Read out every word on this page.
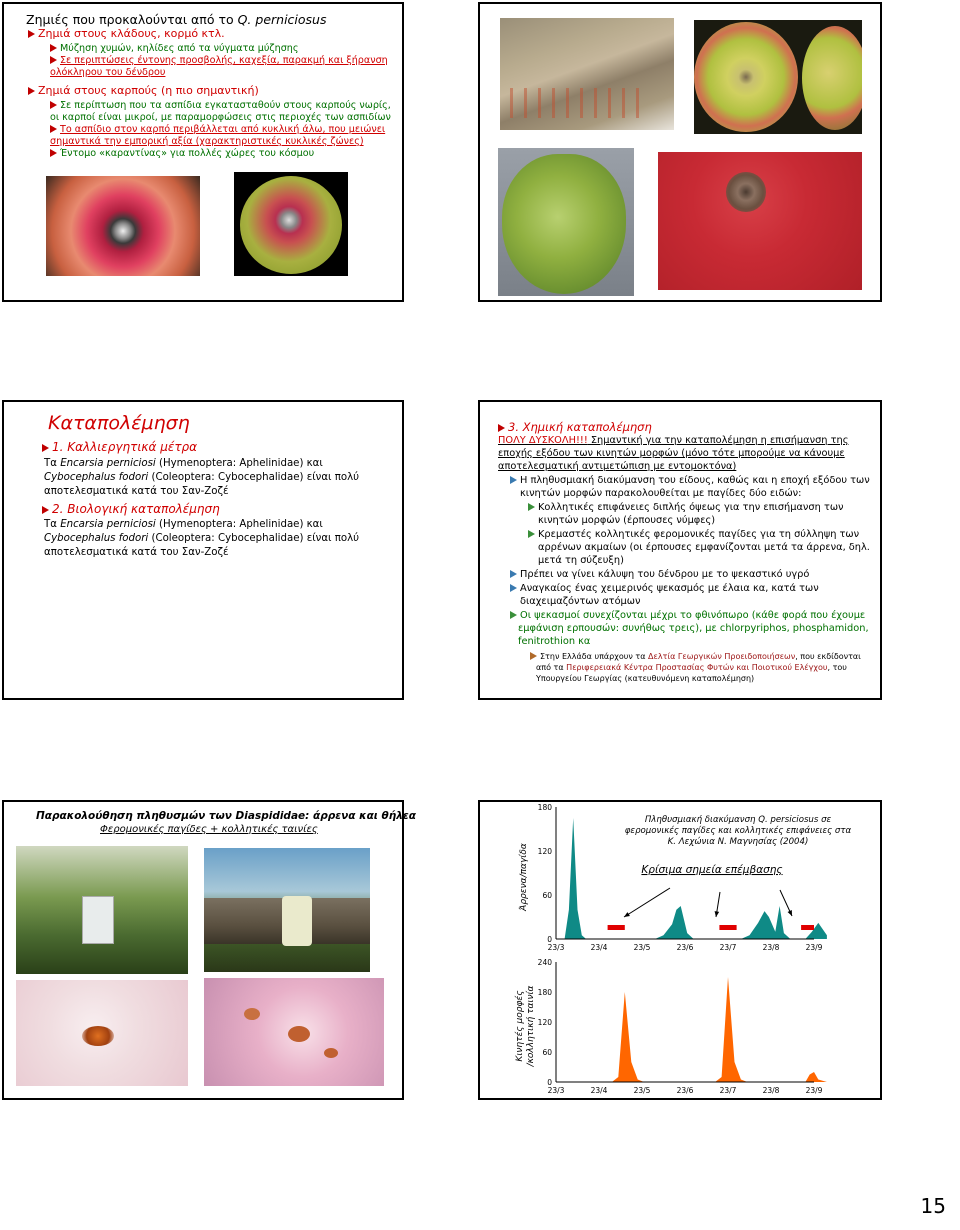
Ζημιές που προκαλούνται από το Q. perniciosus
Ζημιά στους κλάδους, κορμό κτλ.
Μύζηση χυμών, κηλίδες από τα νύγματα μύζησης
Σε περιπτώσεις έντονης προσβολής, καχεξία, παρακμή και ξήρανση
ολόκληρου του δένδρου
Ζημιά στους καρπούς (η πιο σημαντική)
Σε περίπτωση που τα ασπίδια εγκατασταθούν στους καρπούς νωρίς,
οι καρποί είναι μικροί, με παραμορφώσεις στις περιοχές των ασπιδίων
Το ασπίδιο στον καρπό περιβάλλεται από κυκλική άλω, που μειώνει
σημαντικά την εμπορική αξία (χαρακτηριστικές κυκλικές ζώνες)
Έντομο «καραντίνας» για πολλές χώρες του κόσμου
Καταπολέμηση
1. Καλλιεργητικά μέτρα
Τα Encarsia perniciosi (Hymenoptera: Aphelinidae) και
Cybocephalus fodori (Coleoptera: Cybocephalidae) είναι πολύ
αποτελεσματικά κατά του Σαν-Ζοζέ
2. Βιολογική καταπολέμηση
Τα Encarsia perniciosi (Hymenoptera: Aphelinidae) και
Cybocephalus fodori (Coleoptera: Cybocephalidae) είναι πολύ
αποτελεσματικά κατά του Σαν-Ζοζέ
3. Χημική καταπολέμηση
ΠΟΛΥ ΔΥΣΚΟΛΗ!!! Σημαντική για την καταπολέμηση η επισήμανση της
εποχής εξόδου των κινητών μορφών (μόνο τότε μπορούμε να κάνουμε
αποτελεσματική αντιμετώπιση με εντομοκτόνα)
Η πληθυσμιακή διακύμανση του είδους, καθώς και η εποχή εξόδου των
κινητών μορφών παρακολουθείται με παγίδες δύο ειδών:
Κολλητικές επιφάνειες διπλής όψεως για την επισήμανση των
κινητών μορφών (έρπουσες νύμφες)
Κρεμαστές κολλητικές φερομονικές παγίδες για τη σύλληψη των
αρρένων ακμαίων (οι έρπουσες εμφανίζονται μετά τα άρρενα, δηλ.
μετά τη σύζευξη)
Πρέπει να γίνει κάλυψη του δένδρου με το ψεκαστικό υγρό
Αναγκαίος ένας χειμερινός ψεκασμός με έλαια κα, κατά των
διαχειμαζόντων ατόμων
Οι ψεκασμοί συνεχίζονται μέχρι το φθινόπωρο (κάθε φορά που έχουμε
εμφάνιση ερπουσών: συνήθως τρεις), με chlorpyriphos, phosphamidon,
fenitrothion κα
Στην Ελλάδα υπάρχουν τα Δελτία Γεωργικών Προειδοποιήσεων, που εκδίδονται
από τα Περιφερειακά Κέντρα Προστασίας Φυτών και Ποιοτικού Ελέγχου, του
Υπουργείου Γεωργίας (κατευθυνόμενη καταπολέμηση)
Παρακολούθηση πληθυσμών των Diaspididae: άρρενα και θήλεα
Φερομονικές παγίδες + κολλητικές ταινίες
0
60
120
180
23/3	23/4	23/5	23/6	23/7	23/8	23/9
Άρρενα/παγίδα
Πληθυσμιακή διακύμανση Q. persiciosus σε
φερομονικές παγίδες και κολλητικές επιφάνειες στα
Κ. Λεχώνια Ν. Μαγνησίας (2004)
Κρίσιμα σημεία επέμβασης
0
60
120
180
240
23/3	23/4	23/5	23/6	23/7	23/8	23/9
Κινητές μορφές /κολλητική ταινία
15
